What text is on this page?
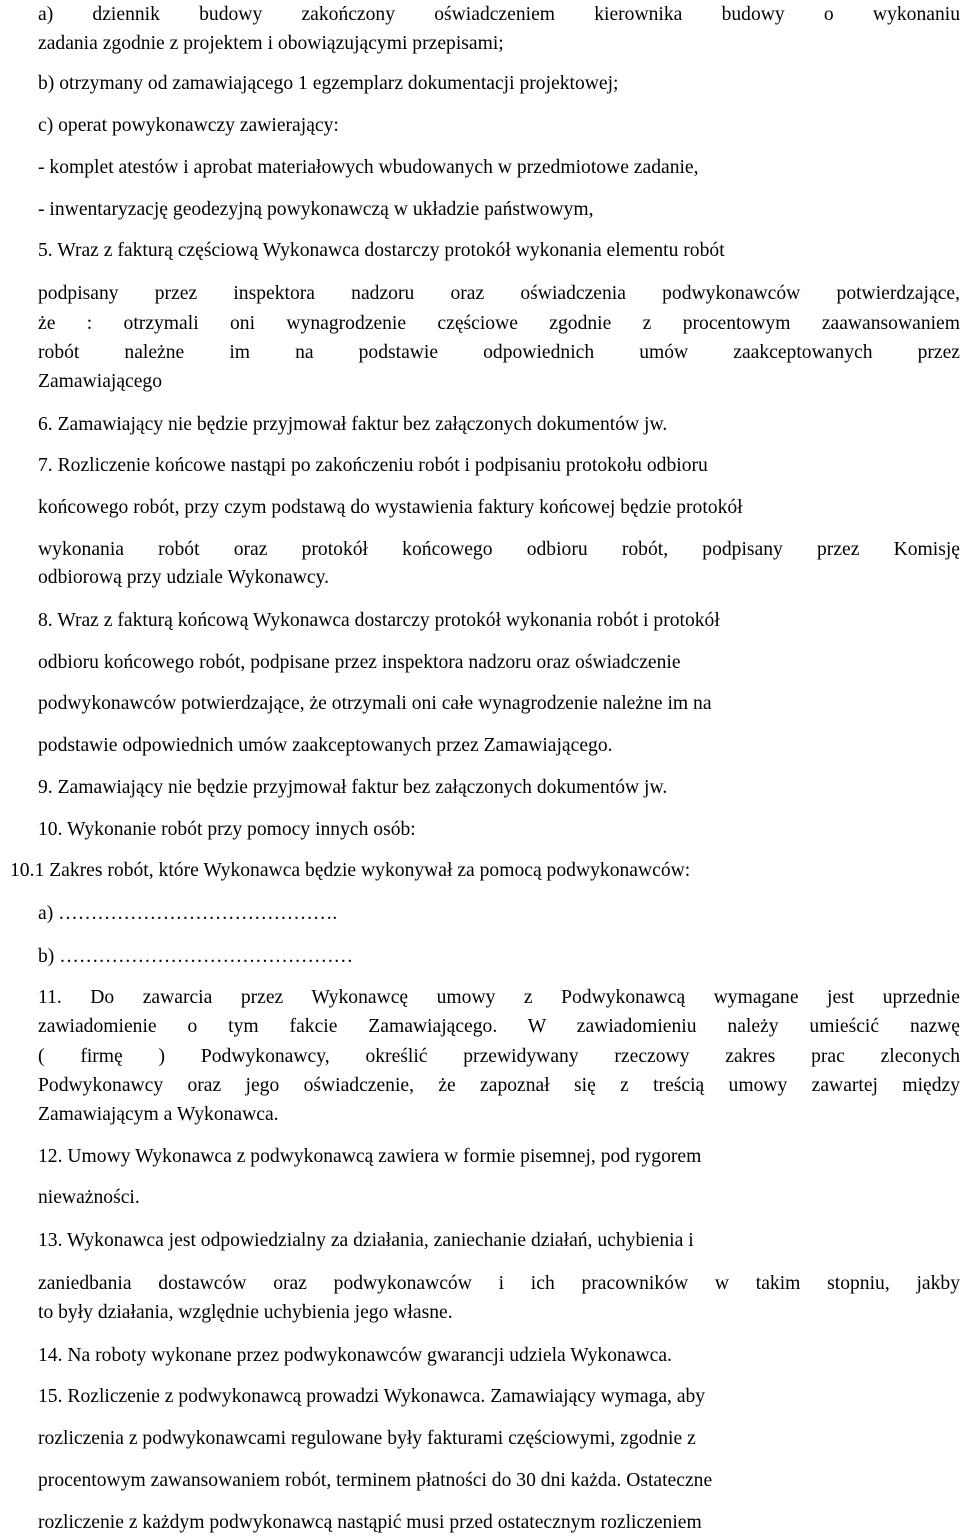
a) dziennik budowy zakończony oświadczeniem kierownika budowy o wykonaniu
zadania zgodnie z projektem i obowiązującymi przepisami;
b) otrzymany od zamawiającego 1 egzemplarz dokumentacji projektowej;
c) operat powykonawczy zawierający:
- komplet atestów i aprobat materiałowych wbudowanych w przedmiotowe zadanie,
- inwentaryzację geodezyjną powykonawczą w układzie państwowym,
5. Wraz z fakturą częściową Wykonawca dostarczy protokół wykonania elementu robót
podpisany przez inspektora nadzoru oraz oświadczenia podwykonawców potwierdzające,
że : otrzymali oni wynagrodzenie częściowe zgodnie z procentowym zaawansowaniem
robót należne im na podstawie odpowiednich umów zaakceptowanych przez
Zamawiającego
6. Zamawiający nie będzie przyjmował faktur bez załączonych dokumentów jw.
7. Rozliczenie końcowe nastąpi po zakończeniu robót i podpisaniu protokołu odbioru
końcowego robót, przy czym podstawą do wystawienia faktury końcowej będzie protokół
wykonania robót oraz protokół końcowego odbioru robót, podpisany przez Komisję
odbiorową przy udziale Wykonawcy.
8. Wraz z fakturą końcową Wykonawca dostarczy protokół wykonania robót i protokół
odbioru końcowego robót, podpisane przez inspektora nadzoru oraz oświadczenie
podwykonawców potwierdzające, że otrzymali oni całe wynagrodzenie należne im na
podstawie odpowiednich umów zaakceptowanych przez Zamawiającego.
9. Zamawiający nie będzie przyjmował faktur bez załączonych dokumentów jw.
10. Wykonanie robót przy pomocy innych osób:
10.1 Zakres robót, które Wykonawca będzie wykonywał za pomocą podwykonawców:
a) …………………………………….
b) ………………………………………
11. Do zawarcia przez Wykonawcę umowy z Podwykonawcą wymagane jest uprzednie
zawiadomienie o tym fakcie Zamawiającego. W zawiadomieniu należy umieścić nazwę
( firmę ) Podwykonawcy, określić przewidywany rzeczowy zakres prac zleconych
Podwykonawcy oraz jego oświadczenie, że zapoznał się z treścią umowy zawartej między
Zamawiającym a Wykonawca.
12. Umowy Wykonawca z podwykonawcą zawiera w formie pisemnej, pod rygorem
nieważności.
13. Wykonawca jest odpowiedzialny za działania, zaniechanie działań, uchybienia i
zaniedbania dostawców oraz podwykonawców i ich pracowników w takim stopniu, jakby
to były działania, względnie uchybienia jego własne.
14. Na roboty wykonane przez podwykonawców gwarancji udziela Wykonawca.
15. Rozliczenie z podwykonawcą prowadzi Wykonawca. Zamawiający wymaga, aby
rozliczenia z podwykonawcami regulowane były fakturami częściowymi, zgodnie z
procentowym zawansowaniem robót, terminem płatności do 30 dni każda. Ostateczne
rozliczenie z każdym podwykonawcą nastąpić musi przed ostatecznym rozliczeniem
